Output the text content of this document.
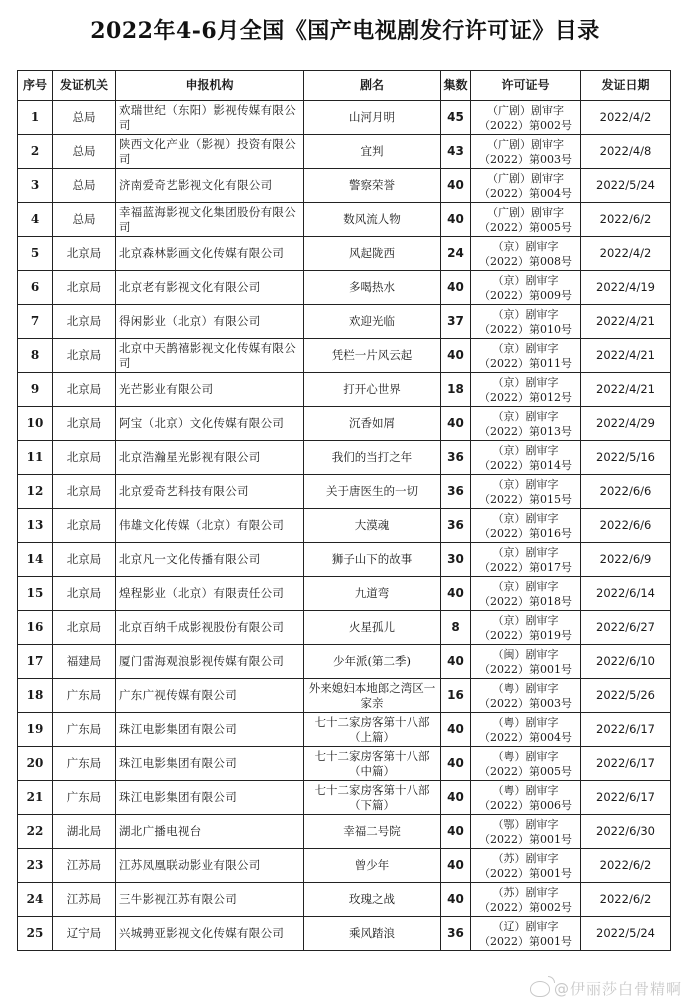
2022年4-6月全国《国产电视剧发行许可证》目录
序号	发证机关	申报机构	剧名	集数	许可证号	发证日期
1	总局	欢瑞世纪（东阳）影视传媒有限公司	山河月明	45	（广剧）剧审字
（2022）第002号	2022/4/2
2	总局	陕西文化产业（影视）投资有限公司	宜判	43	（广剧）剧审字
（2022）第003号	2022/4/8
3	总局	济南爱奇艺影视文化有限公司	警察荣誉	40	（广剧）剧审字
（2022）第004号	2022/5/24
4	总局	幸福蓝海影视文化集团股份有限公司	数风流人物	40	（广剧）剧审字
（2022）第005号	2022/6/2
5	北京局	北京森林影画文化传媒有限公司	风起陇西	24	（京）剧审字
（2022）第008号	2022/4/2
6	北京局	北京老有影视文化有限公司	多喝热水	40	（京）剧审字
（2022）第009号	2022/4/19
7	北京局	得闲影业（北京）有限公司	欢迎光临	37	（京）剧审字
（2022）第010号	2022/4/21
8	北京局	北京中天鹊禧影视文化传媒有限公司	凭栏一片风云起	40	（京）剧审字
（2022）第011号	2022/4/21
9	北京局	光芒影业有限公司	打开心世界	18	（京）剧审字
（2022）第012号	2022/4/21
10	北京局	阿宝（北京）文化传媒有限公司	沉香如屑	40	（京）剧审字
（2022）第013号	2022/4/29
11	北京局	北京浩瀚星光影视有限公司	我们的当打之年	36	（京）剧审字
（2022）第014号	2022/5/16
12	北京局	北京爱奇艺科技有限公司	关于唐医生的一切	36	（京）剧审字
（2022）第015号	2022/6/6
13	北京局	伟雄文化传媒（北京）有限公司	大漠魂	36	（京）剧审字
（2022）第016号	2022/6/6
14	北京局	北京凡一文化传播有限公司	狮子山下的故事	30	（京）剧审字
（2022）第017号	2022/6/9
15	北京局	煌程影业（北京）有限责任公司	九道弯	40	（京）剧审字
（2022）第018号	2022/6/14
16	北京局	北京百纳千成影视股份有限公司	火星孤儿	8	（京）剧审字
（2022）第019号	2022/6/27
17	福建局	厦门雷海观浪影视传媒有限公司	少年派(第二季)	40	（闽）剧审字
（2022）第001号	2022/6/10
18	广东局	广东广视传媒有限公司	外来媳妇本地郎之湾区一家亲	16	（粤）剧审字
（2022）第003号	2022/5/26
19	广东局	珠江电影集团有限公司	七十二家房客第十八部（上篇）	40	（粤）剧审字
（2022）第004号	2022/6/17
20	广东局	珠江电影集团有限公司	七十二家房客第十八部（中篇）	40	（粤）剧审字
（2022）第005号	2022/6/17
21	广东局	珠江电影集团有限公司	七十二家房客第十八部（下篇）	40	（粤）剧审字
（2022）第006号	2022/6/17
22	湖北局	湖北广播电视台	幸福二号院	40	（鄂）剧审字
（2022）第001号	2022/6/30
23	江苏局	江苏凤凰联动影业有限公司	曾少年	40	（苏）剧审字
（2022）第001号	2022/6/2
24	江苏局	三牛影视江苏有限公司	玫瑰之战	40	（苏）剧审字
（2022）第002号	2022/6/2
25	辽宁局	兴城骋亚影视文化传媒有限公司	乘风踏浪	36	（辽）剧审字
（2022）第001号	2022/5/24
@伊丽莎白骨精啊
